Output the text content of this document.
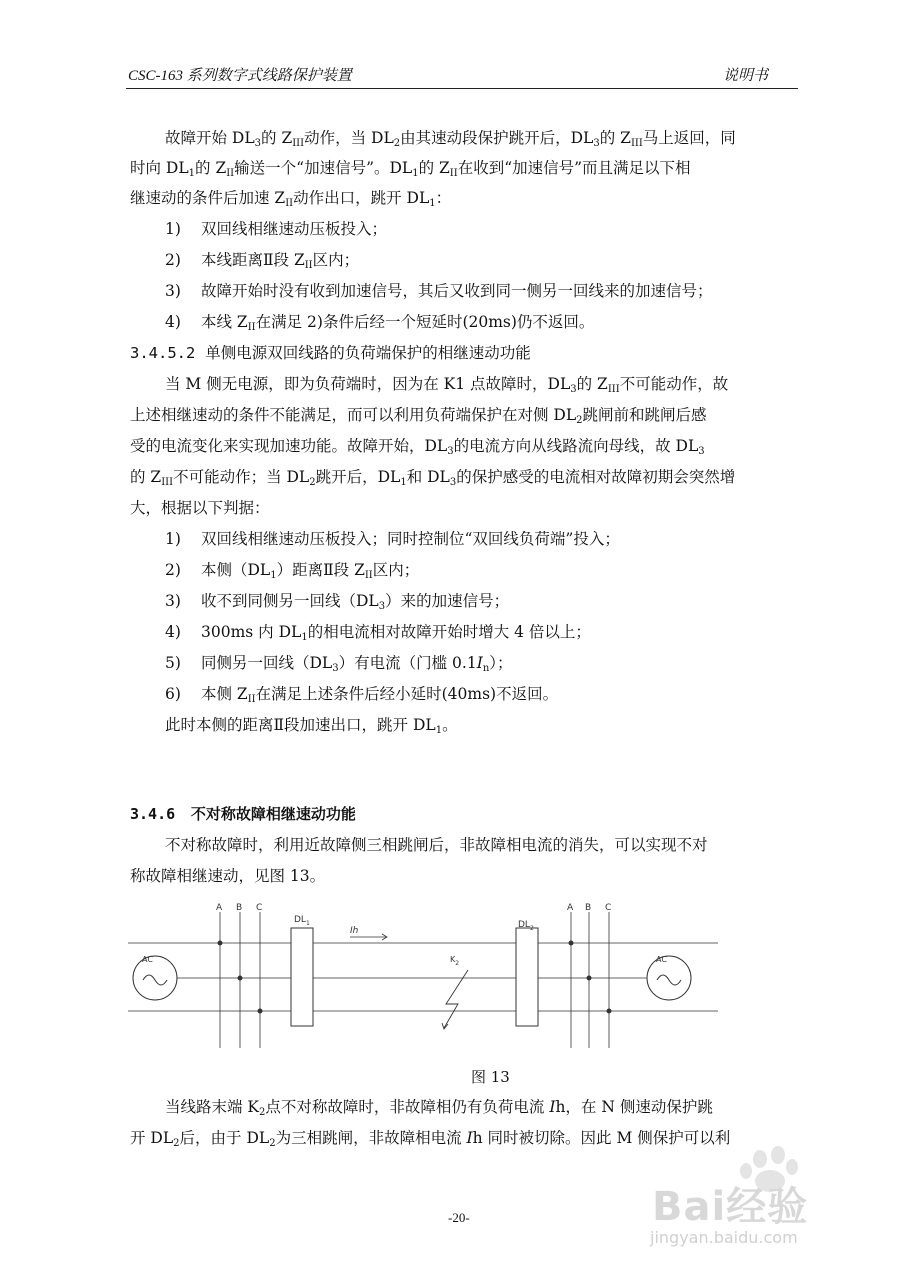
CSC-163 系列数字式线路保护装置	说明书
故障开始 $DL_3$的 $Z_{III}$动作，当 $DL_2$由其速动段保护跳开后，$DL_3$的 $Z_{III}$马上返回，同
时向 $DL_1$的 $Z_{II}$输送一个“加速信号”。$DL_1$的 $Z_{II}$在收到“加速信号”而且满足以下相
继速动的条件后加速 $Z_{II}$动作出口，跳开 $DL_1$：
1) 双回线相继速动压板投入；
2) 本线距离Ⅱ段 $Z_{II}$区内；
3) 故障开始时没有收到加速信号，其后又收到同一侧另一回线来的加速信号；
4) 本线 $Z_{II}$在满足 2)条件后经一个短延时(20ms)仍不返回。
3.4.5.2 单侧电源双回线路的负荷端保护的相继速动功能
当 M 侧无电源，即为负荷端时，因为在 K1 点故障时，$DL_3$的 $Z_{III}$不可能动作，故
上述相继速动的条件不能满足，而可以利用负荷端保护在对侧 $DL_2$跳闸前和跳闸后感
受的电流变化来实现加速功能。故障开始，$DL_3$的电流方向从线路流向母线，故 $DL_3$
的 $Z_{III}$不可能动作；当 $DL_2$跳开后，$DL_1$和 $DL_3$的保护感受的电流相对故障初期会突然增
大，根据以下判据：
1) 双回线相继速动压板投入；同时控制位“双回线负荷端”投入；
2) 本侧$(DL_1)$距离Ⅱ段 $Z_{II}$区内；
3) 收不到同侧另一回线$(DL_3)$来的加速信号；
4) 300ms 内 $DL_1$的相电流相对故障开始时增大 4 倍以上；
5) 同侧另一回线$(DL_3)$有电流（门槛 $0.1I_n$）；
6) 本侧 $Z_{II}$在满足上述条件后经小延时(40ms)不返回。
此时本侧的距离Ⅱ段加速出口，跳开 $DL_1$。
3.4.6 不对称故障相继速动功能
不对称故障时，利用近故障侧三相跳闸后，非故障相电流的消失，可以实现不对
称故障相继速动，见图 13。
AC	AC
A B C	A B C
$DL_1$	$DL_2$
Ih
$K_2$
图 13
当线路末端 $K_2$点不对称故障时，非故障相仍有负荷电流 Ih，在 N 侧速动保护跳
开 $DL_2$后，由于 $DL_2$为三相跳闸，非故障相电流 Ih 同时被切除。因此 M 侧保护可以利
Bai经验
jingyan.baidu.com
-20-
